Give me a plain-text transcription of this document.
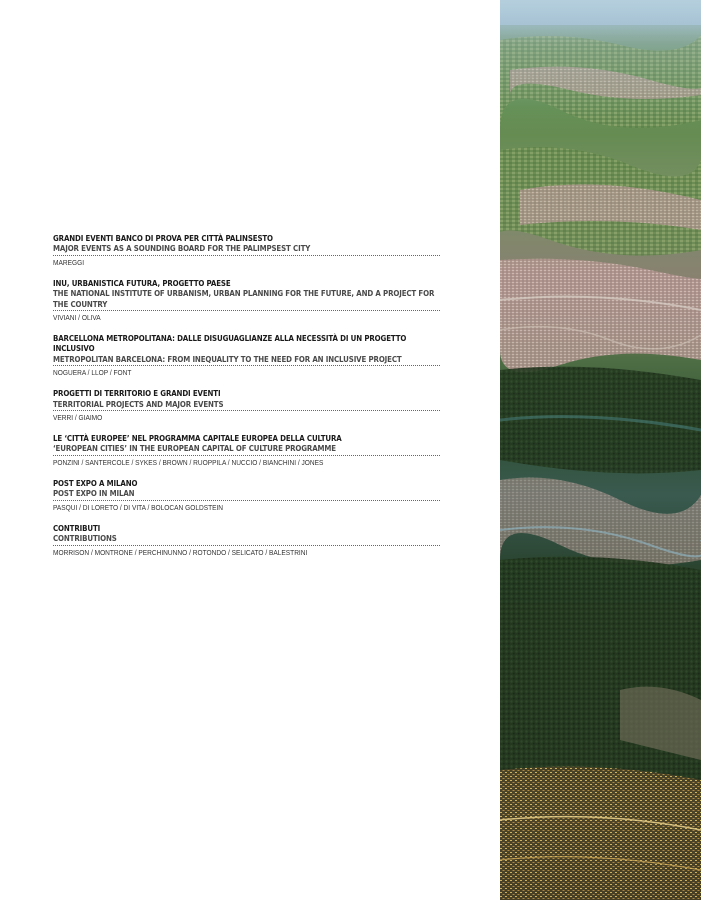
GRANDI EVENTI BANCO DI PROVA PER CITTÀ PALINSESTO
MAJOR EVENTS AS A SOUNDING BOARD FOR THE PALIMPSEST CITY
MAREGGI
INU, URBANISTICA FUTURA, PROGETTO PAESE
THE NATIONAL INSTITUTE OF URBANISM, URBAN PLANNING FOR THE FUTURE, AND A PROJECT FOR THE COUNTRY
VIVIANI / OLIVA
BARCELLONA METROPOLITANA: DALLE DISUGUAGLIANZE ALLA NECESSITÀ DI UN PROGETTO INCLUSIVO
METROPOLITAN BARCELONA: FROM INEQUALITY TO THE NEED FOR AN INCLUSIVE PROJECT
NOGUERA / LLOP / FONT
PROGETTI DI TERRITORIO E GRANDI EVENTI
TERRITORIAL PROJECTS AND MAJOR EVENTS
VERRI / GIAIMO
LE ‘CITTÀ EUROPEE’ NEL PROGRAMMA CAPITALE EUROPEA DELLA CULTURA
‘EUROPEAN CITIES’ IN THE EUROPEAN CAPITAL OF CULTURE PROGRAMME
PONZINI / SANTERCOLE / SYKES / BROWN / RUOPPILA / NUCCIO / BIANCHINI / JONES
POST EXPO A MILANO
POST EXPO IN MILAN
PASQUI / DI LORETO / DI VITA / BOLOCAN GOLDSTEIN
CONTRIBUTI
CONTRIBUTIONS
MORRISON / MONTRONE / PERCHINUNNO / ROTONDO / SELICATO / BALESTRINI
